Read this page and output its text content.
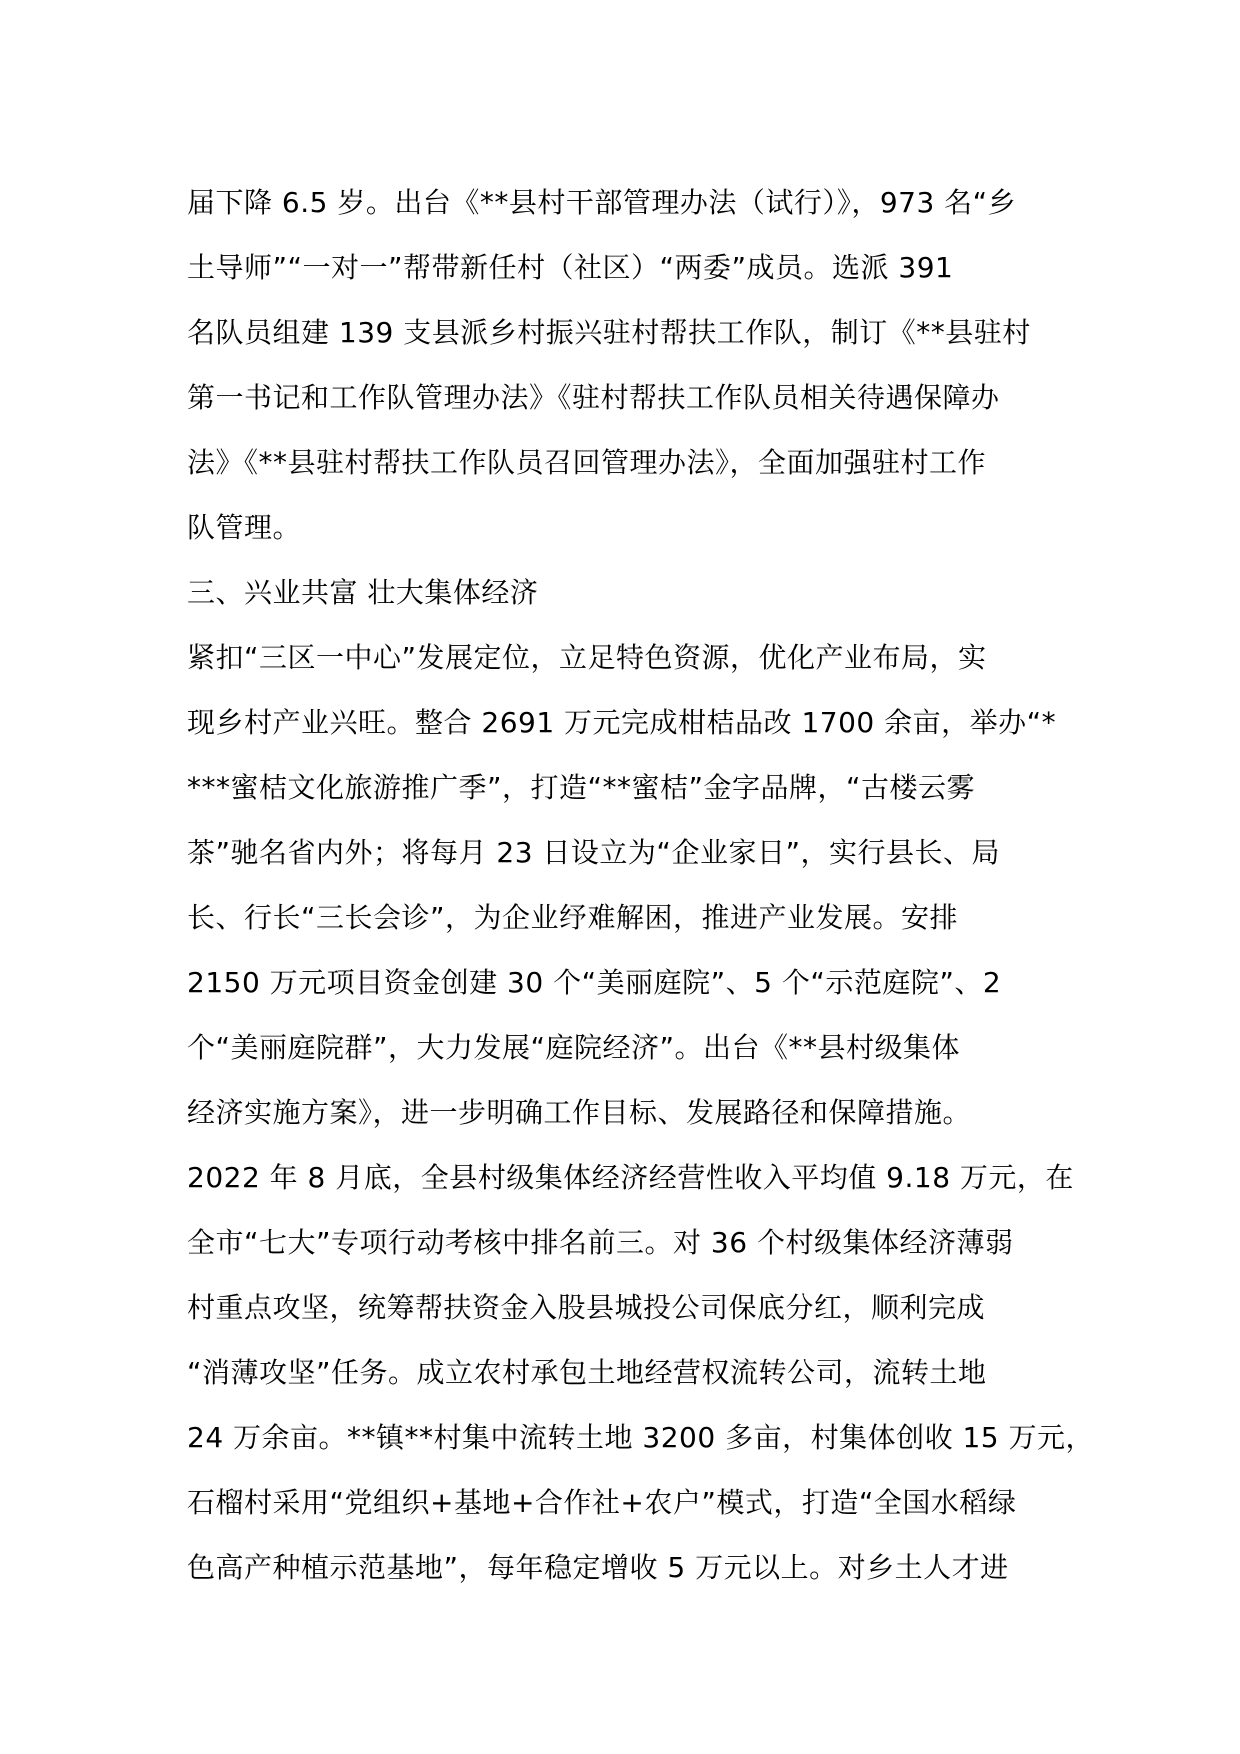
届下降 6.5 岁。出台《**县村干部管理办法（试行）》，973 名“乡
土导师”“一对一”帮带新任村（社区）“两委”成员。选派 391
名队员组建 139 支县派乡村振兴驻村帮扶工作队，制订《**县驻村
第一书记和工作队管理办法》《驻村帮扶工作队员相关待遇保障办
法》《**县驻村帮扶工作队员召回管理办法》，全面加强驻村工作
队管理。
三、兴业共富 壮大集体经济
紧扣“三区一中心”发展定位，立足特色资源，优化产业布局，实
现乡村产业兴旺。整合 2691 万元完成柑桔品改 1700 余亩，举办“*
***蜜桔文化旅游推广季”，打造“**蜜桔”金字品牌，“古楼云雾
茶”驰名省内外；将每月 23 日设立为“企业家日”，实行县长、局
长、行长“三长会诊”，为企业纾难解困，推进产业发展。安排
2150 万元项目资金创建 30 个“美丽庭院”、5 个“示范庭院”、2
个“美丽庭院群”，大力发展“庭院经济”。出台《**县村级集体
经济实施方案》，进一步明确工作目标、发展路径和保障措施。
2022 年 8 月底，全县村级集体经济经营性收入平均值 9.18 万元，在
全市“七大”专项行动考核中排名前三。对 36 个村级集体经济薄弱
村重点攻坚，统筹帮扶资金入股县城投公司保底分红，顺利完成
“消薄攻坚”任务。成立农村承包土地经营权流转公司，流转土地
24 万余亩。**镇**村集中流转土地 3200 多亩，村集体创收 15 万元，
石榴村采用“党组织+基地+合作社+农户”模式，打造“全国水稻绿
色高产种植示范基地”，每年稳定增收 5 万元以上。对乡土人才进
